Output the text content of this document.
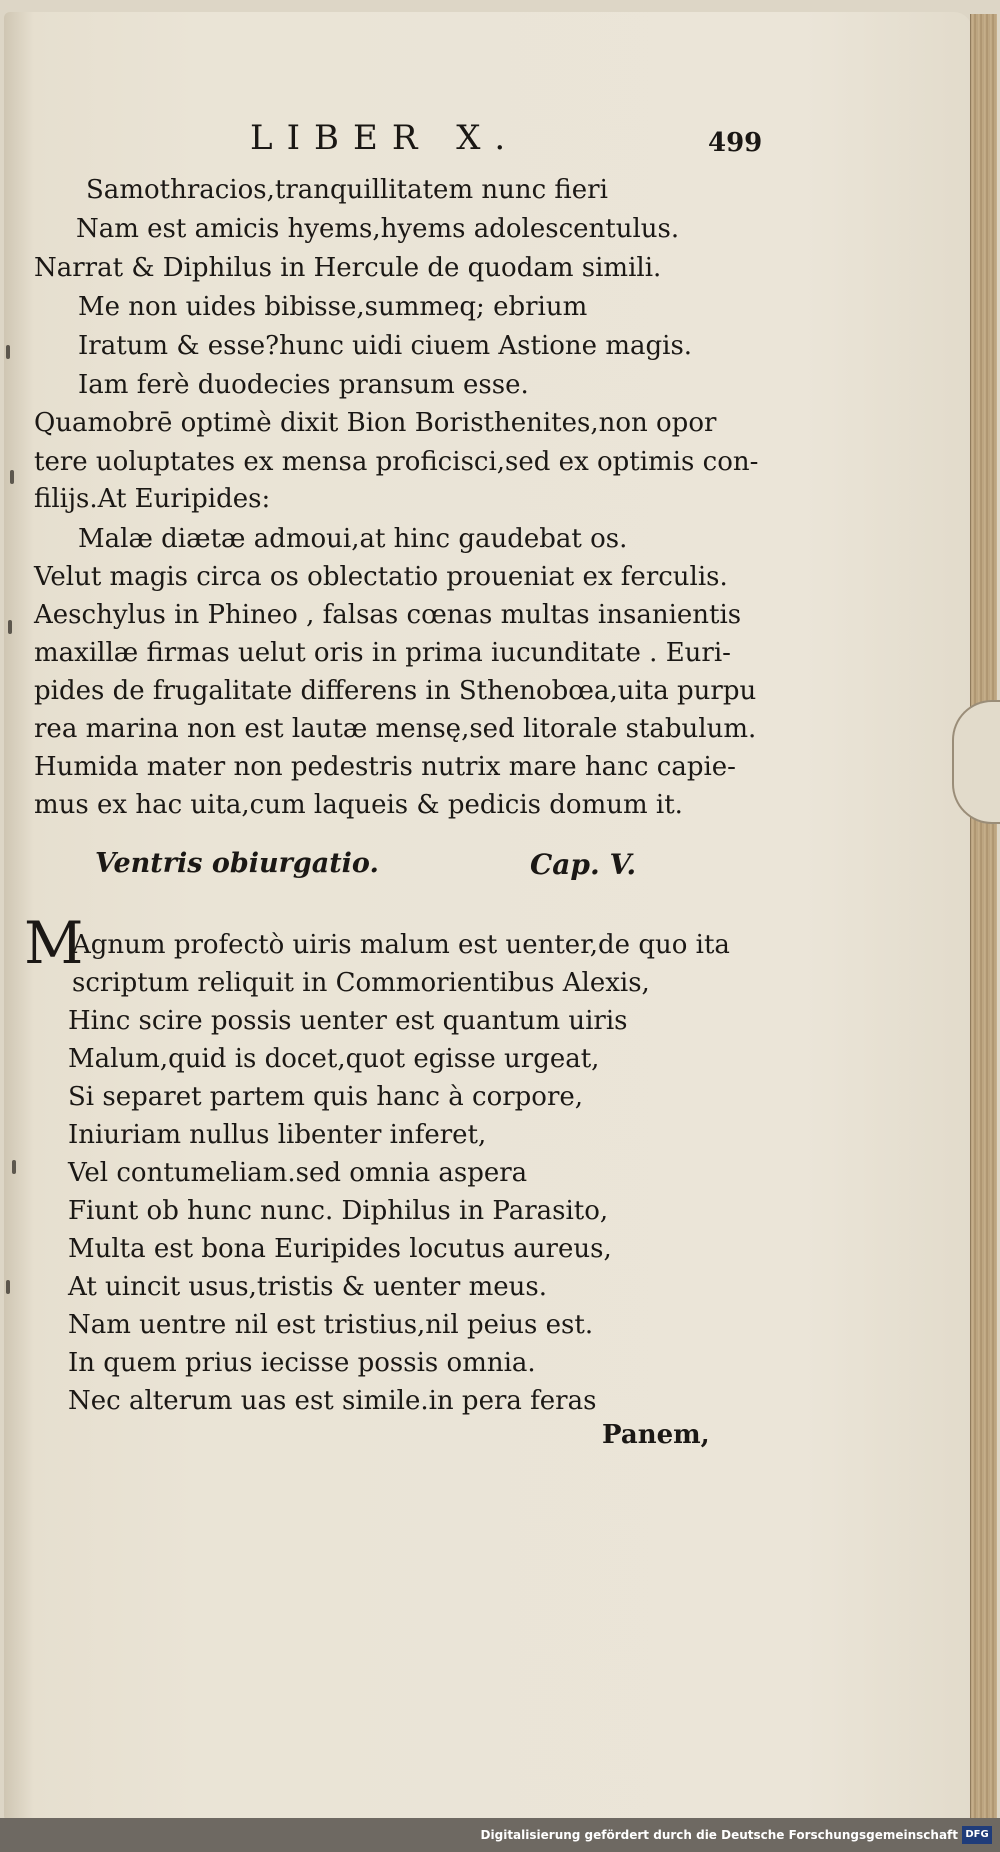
LIBER X.	499
Samothracios,tranquillitatem nunc fieri
Nam est amicis hyems,hyems adolescentulus.
Narrat & Diphilus in Hercule de quodam simili.
Me non uides bibisse,summeq; ebrium
Iratum & esse?hunc uidi ciuem Astione magis.
Iam ferè duodecies pransum esse.
Quamobrē optimè dixit Bion Boristhenites,non opor
tere uoluptates ex mensa proficisci,sed ex optimis con-
filijs.At Euripides:
Malæ diætæ admoui,at hinc gaudebat os.
Velut magis circa os oblectatio proueniat ex ferculis.
Aeschylus in Phineo , falsas cœnas multas insanientis
maxillæ firmas uelut oris in prima iucunditate . Euri-
pides de frugalitate differens in Sthenobœa,uita purpu
rea marina non est lautæ mensę,sed litorale stabulum.
Humida mater non pedestris nutrix mare hanc capie-
mus ex hac uita,cum laqueis & pedicis domum it.
Ventris obiurgatio.	Cap. V.
M
Agnum profectò uiris malum est uenter,de quo ita
scriptum reliquit in Commorientibus Alexis,
Hinc scire possis uenter est quantum uiris
Malum,quid is docet,quot egisse urgeat,
Si separet partem quis hanc à corpore,
Iniuriam nullus libenter inferet,
Vel contumeliam.sed omnia aspera
Fiunt ob hunc nunc. Diphilus in Parasito,
Multa est bona Euripides locutus aureus,
At uincit usus,tristis & uenter meus.
Nam uentre nil est tristius,nil peius est.
In quem prius iecisse possis omnia.
Nec alterum uas est simile.in pera feras
Panem,
Digitalisierung gefördert durch die Deutsche Forschungsgemeinschaft DFG
